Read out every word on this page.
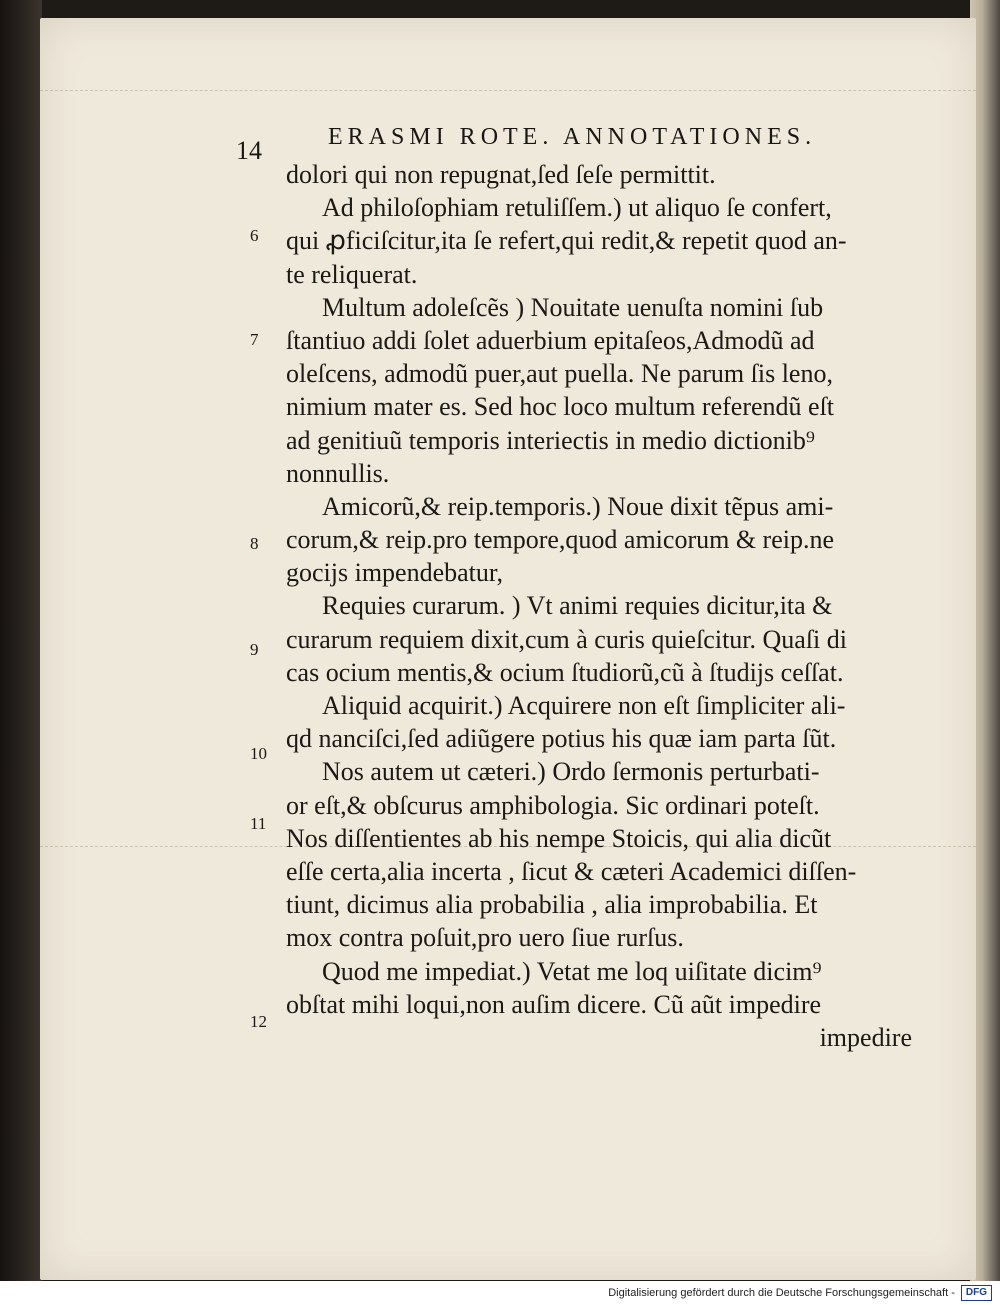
14	ERASMI ROTE. ANNOTATIONES.
dolori qui non repugnat,ſed ſeſe permittit.
Ad philoſophiam retuliſſem.) ut aliquo ſe confert,
qui ꝓficiſcitur,ita ſe refert,qui redit,& repetit quod an-
te reliquerat.
Multum adoleſcẽs ) Nouitate uenuſta nomini ſub
ſtantiuo addi ſolet aduerbium epitaſeos,Admodũ ad
oleſcens, admodũ puer,aut puella. Ne parum ſis leno,
nimium mater es. Sed hoc loco multum referendũ eſt
ad genitiuũ temporis interiectis in medio dictionib⁹
nonnullis.
Amicorũ,& reip.temporis.) Noue dixit tẽpus ami-
corum,& reip.pro tempore,quod amicorum & reip.ne
gocijs impendebatur,
Requies curarum. ) Vt animi requies dicitur,ita &
curarum requiem dixit,cum à curis quieſcitur. Quaſi di
cas ocium mentis,& ocium ſtudiorũ,cũ à ſtudijs ceſſat.
Aliquid acquirit.) Acquirere non eſt ſimpliciter ali-
qd nanciſci,ſed adiũgere potius his quæ iam parta ſũt.
Nos autem ut cæteri.) Ordo ſermonis perturbati-
or eſt,& obſcurus amphibologia. Sic ordinari poteſt.
Nos diſſentientes ab his nempe Stoicis, qui alia dicũt
eſſe certa,alia incerta , ſicut & cæteri Academici diſſen-
tiunt, dicimus alia probabilia , alia improbabilia. Et
mox contra poſuit,pro uero ſiue rurſus.
Quod me impediat.) Vetat me loq uiſitate dicim⁹
obſtat mihi loqui,non auſim dicere. Cũ aũt impedire
impedire
6
7
8
9
10
11
12
Digitalisierung gefördert durch die Deutsche Forschungsgemeinschaft -	DFG
